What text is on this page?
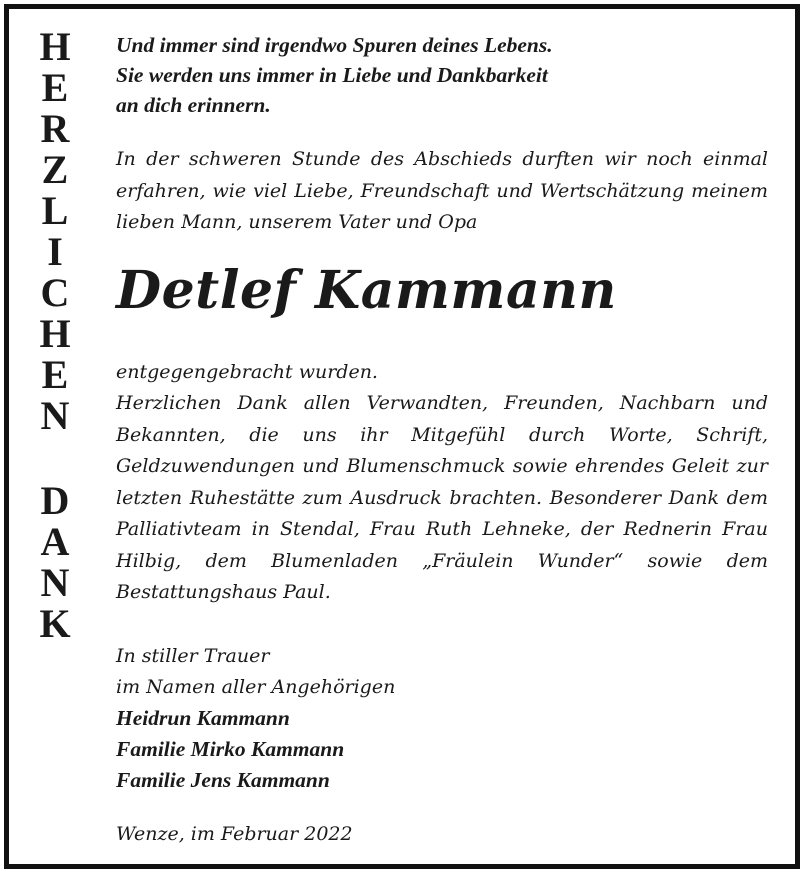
H
E
R
Z
L
I
C
H
E
N
D
A
N
K
Und immer sind irgendwo Spuren deines Lebens.
Sie werden uns immer in Liebe und Dankbarkeit
an dich erinnern.

In der schweren Stunde des Abschieds durften wir noch einmal erfahren, wie viel Liebe, Freundschaft und Wertschätzung meinem lieben Mann, unserem Vater und Opa

Detlef Kammann

entgegengebracht wurden.

Herzlichen Dank allen Verwandten, Freunden, Nachbarn und Bekannten, die uns ihr Mitgefühl durch Worte, Schrift, Geldzuwendungen und Blumenschmuck sowie ehrendes Geleit zur letzten Ruhestätte zum Ausdruck brachten. Besonderer Dank dem Palliativteam in Stendal, Frau Ruth Lehneke, der Rednerin Frau Hilbig, dem Blumenladen „Fräulein Wunder“ sowie dem Bestattungshaus Paul.

In stiller Trauer
im Namen aller Angehörigen
Heidrun Kammann
Familie Mirko Kammann
Familie Jens Kammann
Wenze, im Februar 2022
